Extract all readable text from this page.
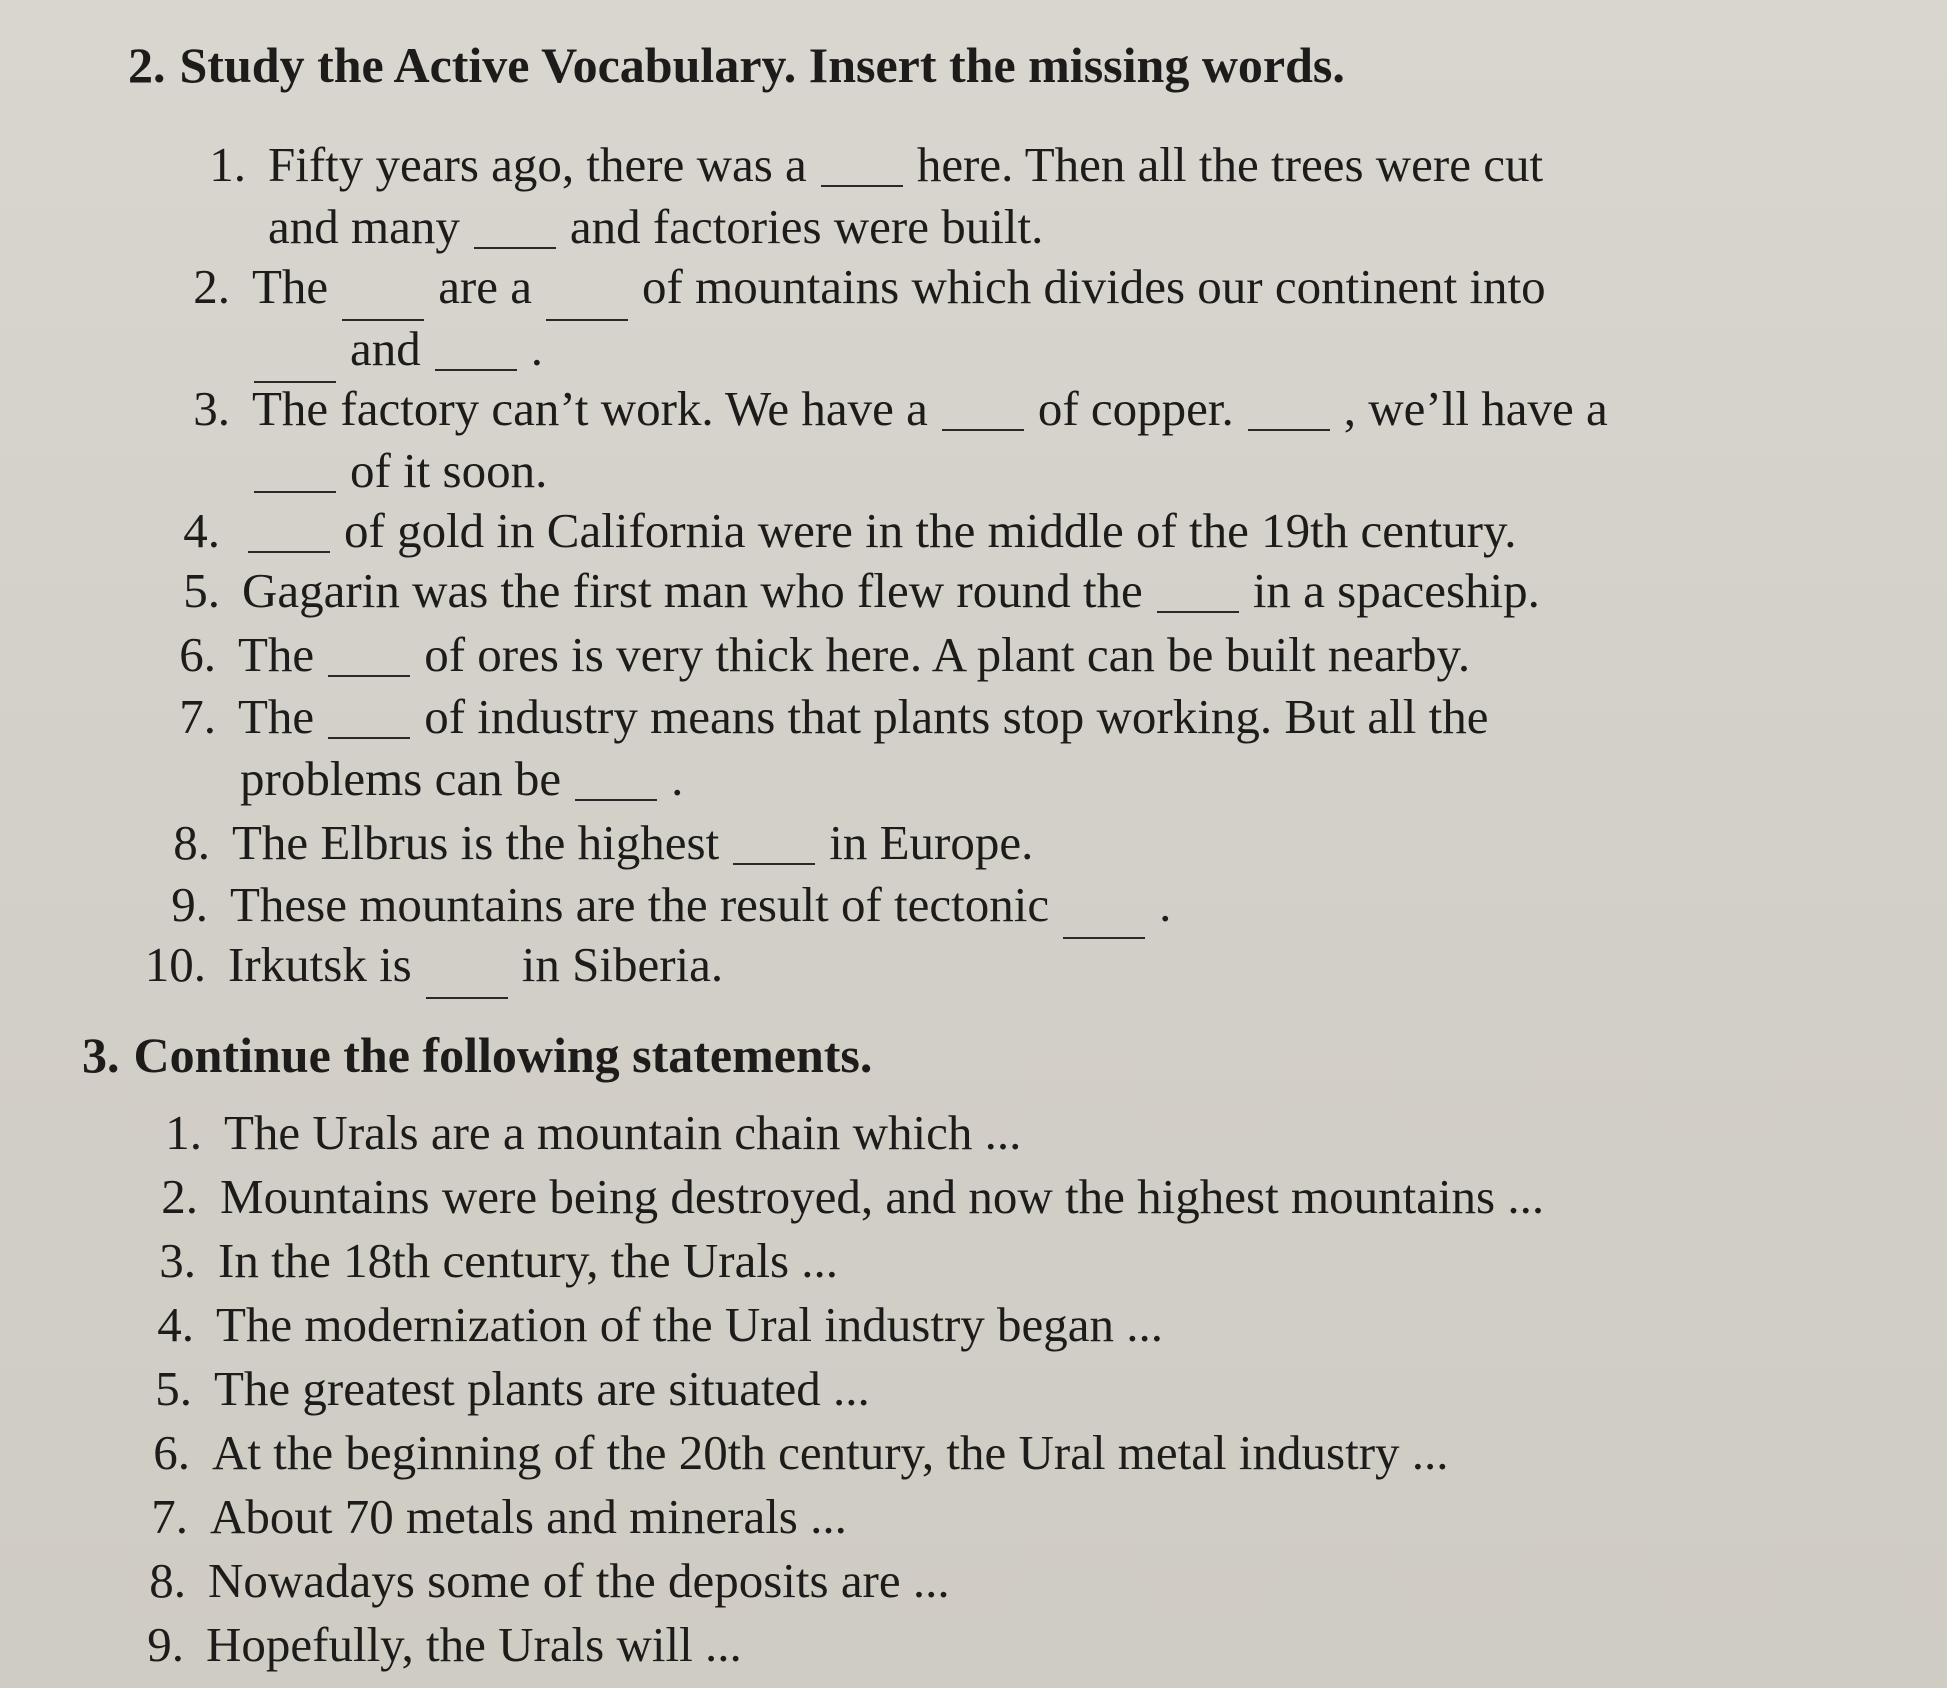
2. Study the Active Vocabulary. Insert the missing words.
1. Fifty years ago, there was a here. Then all the trees were cut
and many and factories were built.
2. The are a of mountains which divides our continent into
and .
3. The factory can’t work. We have a of copper. , we’ll have a
of it soon.
4.	of gold in California were in the middle of the 19th century.
5. Gagarin was the first man who flew round the in a spaceship.
6. The of ores is very thick here. A plant can be built nearby.
7. The of industry means that plants stop working. But all the
problems can be .
8. The Elbrus is the highest in Europe.
9. These mountains are the result of tectonic .
10. Irkutsk is in Siberia.
3. Continue the following statements.
1. The Urals are a mountain chain which ...
2. Mountains were being destroyed, and now the highest mountains ...
3. In the 18th century, the Urals ...
4. The modernization of the Ural industry began ...
5. The greatest plants are situated ...
6. At the beginning of the 20th century, the Ural metal industry ...
7. About 70 metals and minerals ...
8. Nowadays some of the deposits are ...
9. Hopefully, the Urals will ...
